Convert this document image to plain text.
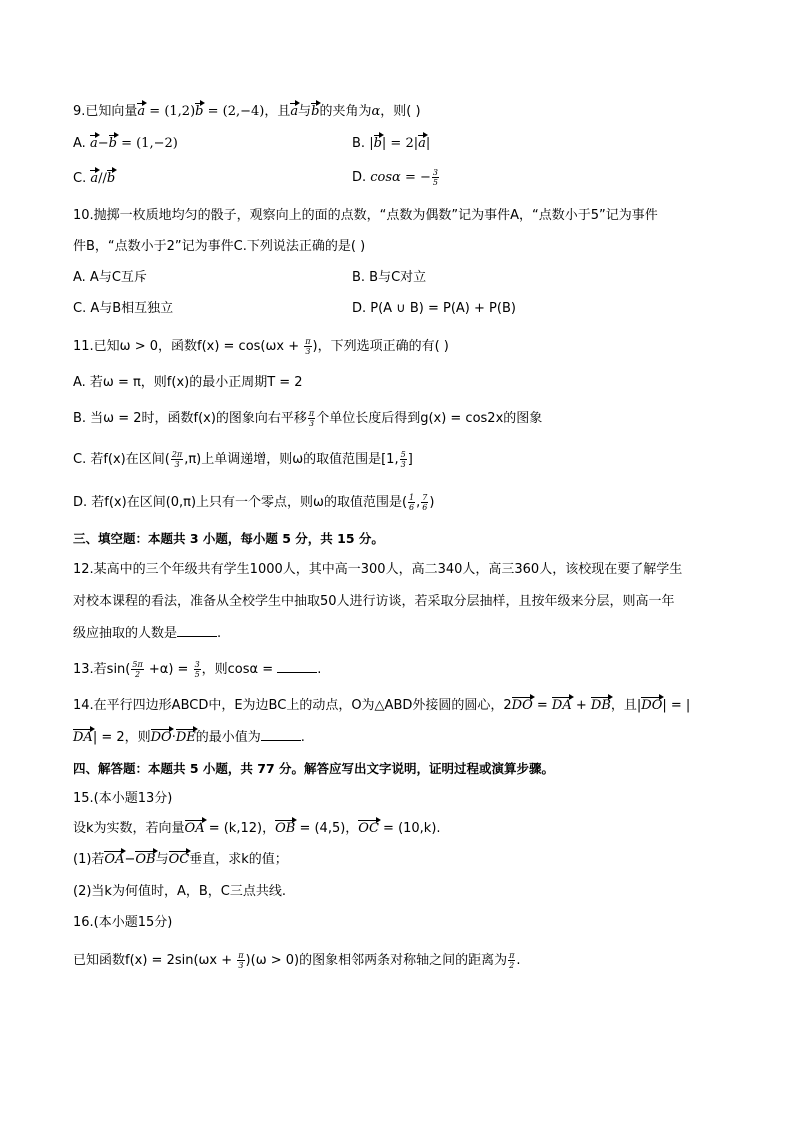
9.已知向量a = (1,2)b = (2,−4)，且a与b的夹角为α，则( )
A. a−b = (1,−2)	B. |b| = 2|a|
C. a//b	D. cosα = − $\frac{3}{5}$
10.抛掷一枚质地均匀的骰子，观察向上的面的点数，“点数为偶数”记为事件A，“点数小于5”记为事件
件B，“点数小于2”记为事件C.下列说法正确的是( )
A. A与C互斥	B. B与C对立
C. A与B相互独立	D. P(A ∪ B) = P(A) + P(B)
11.已知ω > 0，函数$f(x) = \cos(\omega x + \frac{\pi}{3}$ )，下列选项正确的有( )
A. 若ω = π，则f(x)的最小正周期T = 2
B. 当ω = 2时，函数f(x)的图象向右平移 $\frac{\pi}{3}$ 个单位长度后得到g(x) = cos2x的图象
C. 若f(x)在区间( $\frac{2\pi}{3} ,\pi$)上单调递增，则ω的取值范围是[1, $\frac{5}{3}$ ]
D. 若f(x)在区间(0,π)上只有一个零点，则ω的取值范围是( $\frac{1}{6}$ , $\frac{7}{6}$ )
三、填空题：本题共 3 小题，每小题 5 分，共 15 分。
12.某高中的三个年级共有学生1000人，其中高一300人，高二340人，高三360人，该校现在要了解学生
对校本课程的看法，准备从全校学生中抽取50人进行访谈，若采取分层抽样，且按年级来分层，则高一年
级应抽取的人数是	.
13.若$\sin( \frac{5\pi}{2} +\alpha) = \frac{3}{5}$ ，则cosα =	.
14.在平行四边形ABCD中，E为边BC上的动点，O为△ABD外接圆的圆心，2DO = DA + DB，且|DO| = |
DA| = 2，则DO·DE的最小值为	.
四、解答题：本题共 5 小题，共 77 分。解答应写出文字说明，证明过程或演算步骤。
15.(本小题13分)
设k为实数，若向量OA = (k,12)，OB = (4,5)，OC = (10,k).
(1)若OA−OB与OC垂直，求k的值；
(2)当k为何值时，A，B，C三点共线.
16.(本小题15分)
已知函数$f(x) = 2\sin(\omega x + \frac{\pi}{3} )(\omega > 0)$的图象相邻两条对称轴之间的距离为 $\frac{\pi}{2}$ .
